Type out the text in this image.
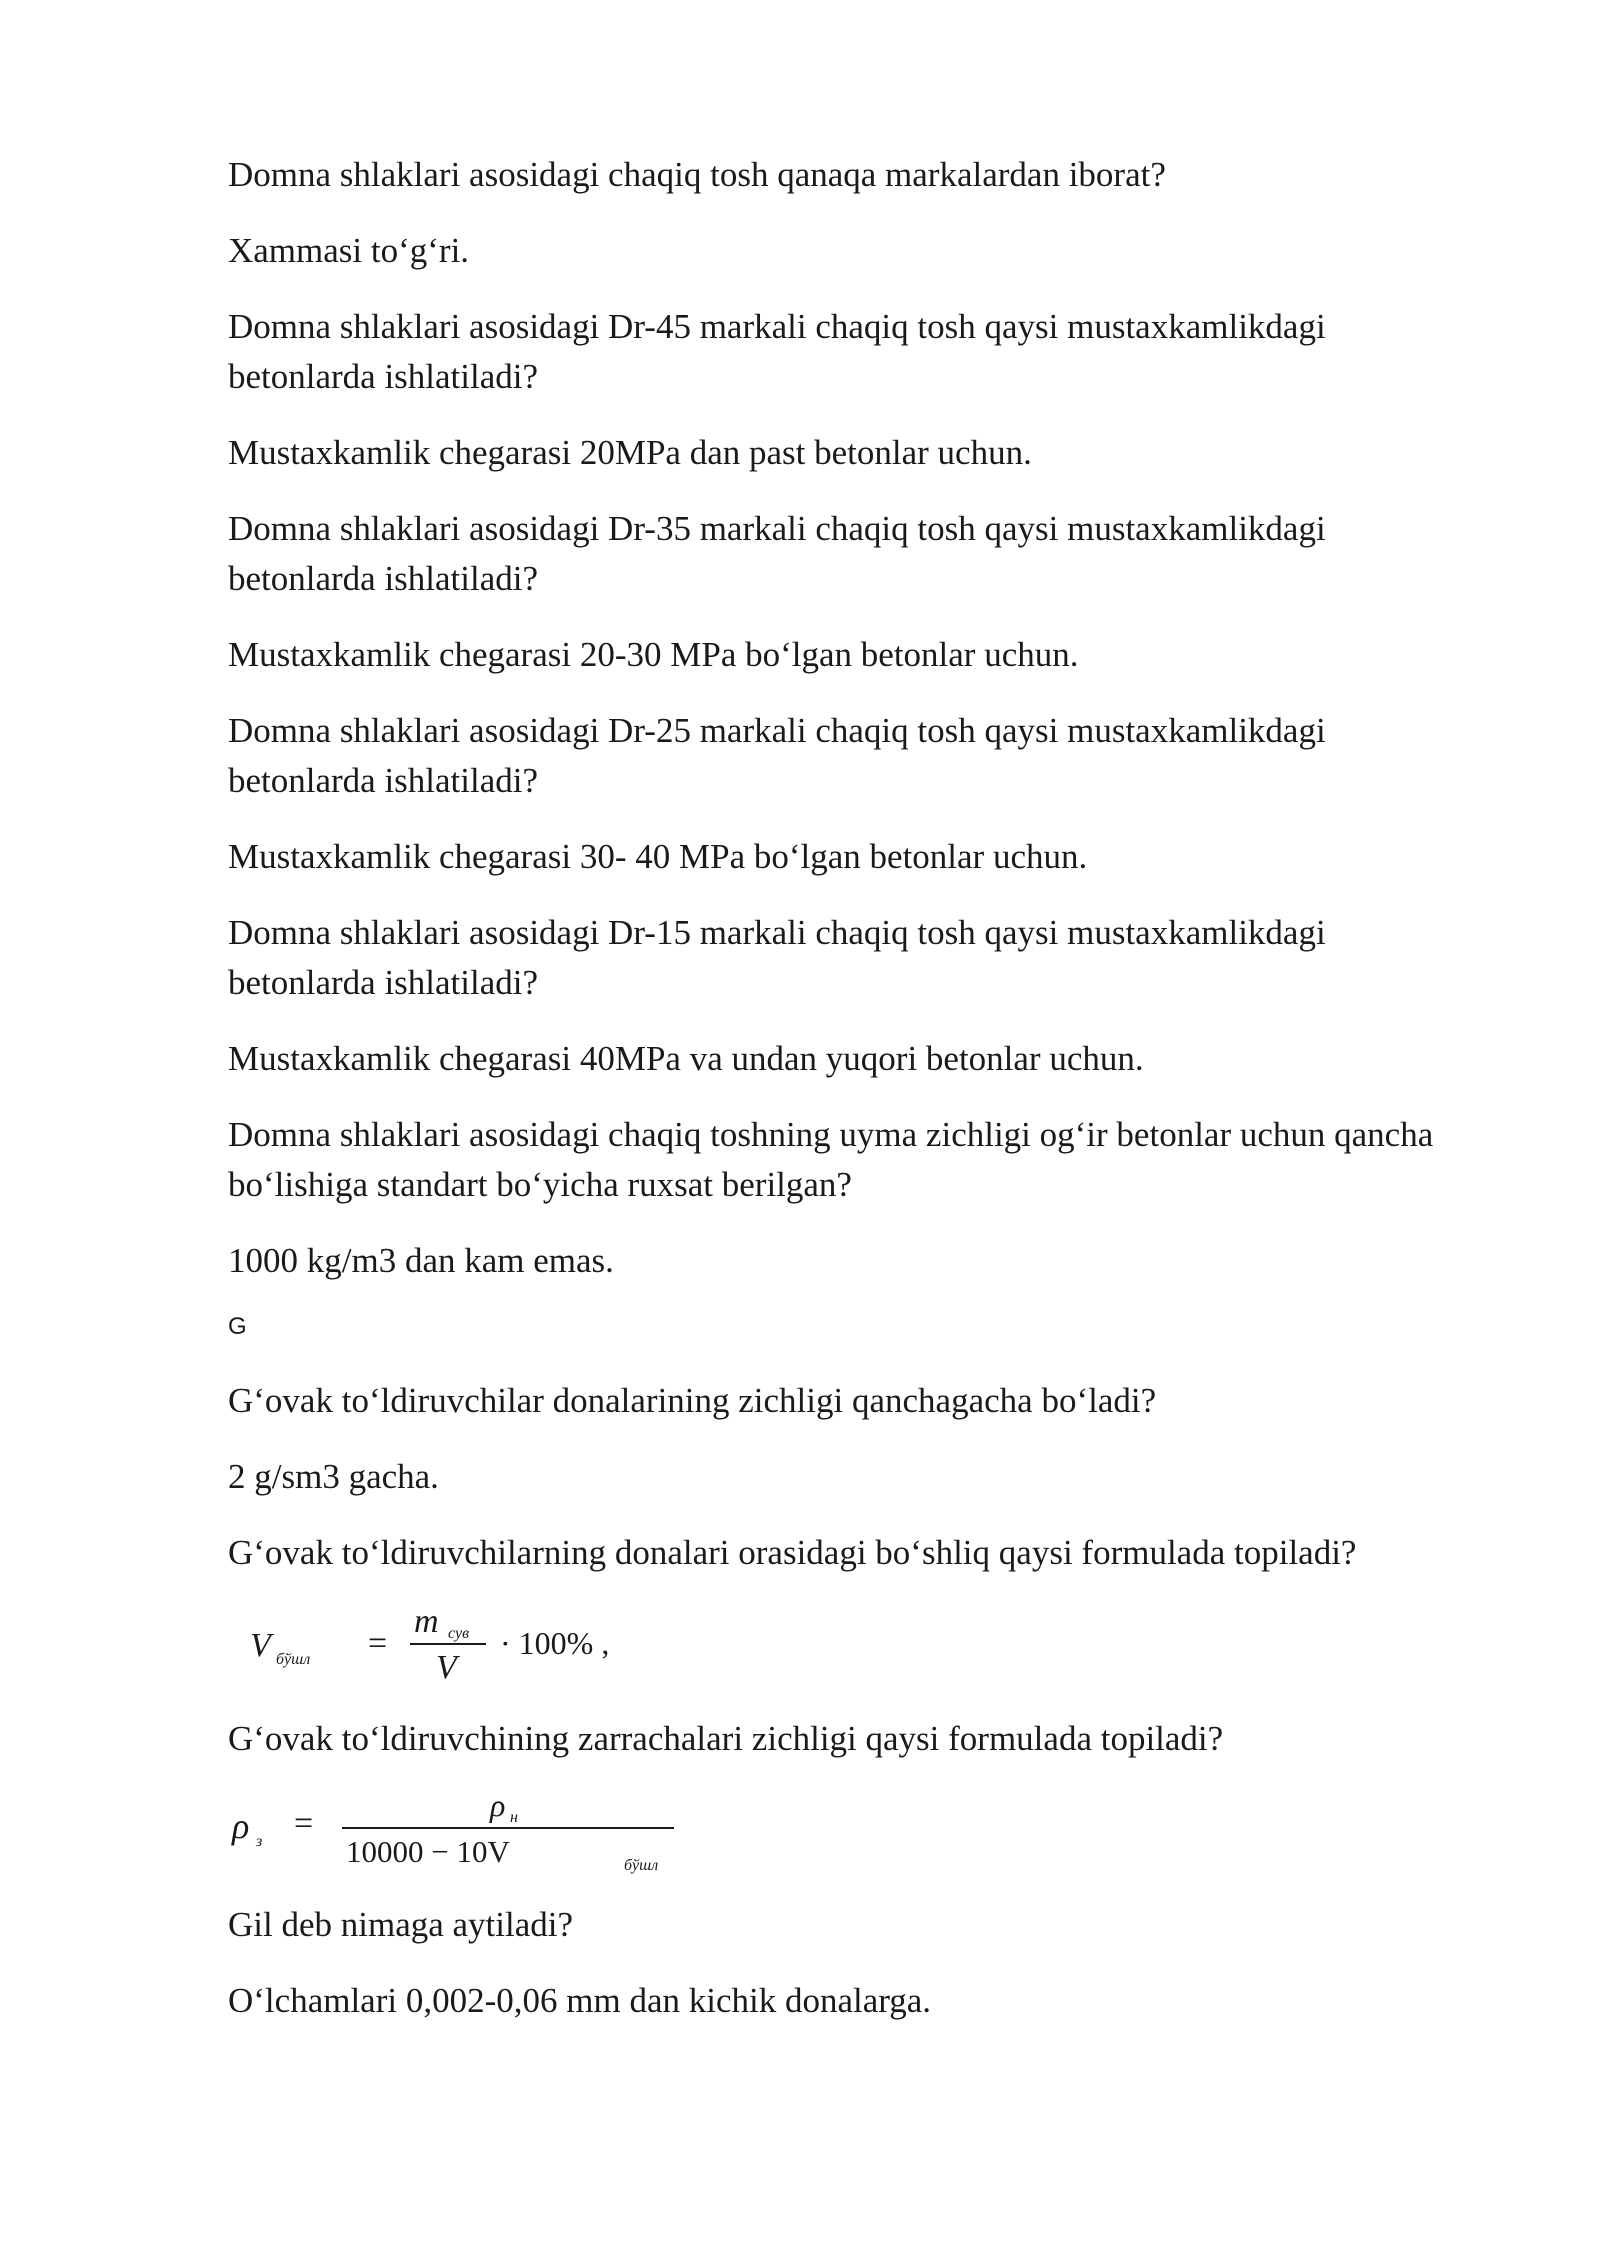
Domna shlaklari asosidagi chaqiq tosh qanaqa markalardan iborat?

Xammasi to‘g‘ri.

Domna shlaklari asosidagi Dr-45 markali chaqiq tosh qaysi mustaxkamlikdagi betonlarda ishlatiladi?

Mustaxkamlik chegarasi 20MPa dan past betonlar uchun.

Domna shlaklari asosidagi Dr-35 markali chaqiq tosh qaysi mustaxkamlikdagi betonlarda ishlatiladi?

Mustaxkamlik chegarasi 20-30 MPa bo‘lgan betonlar uchun.

Domna shlaklari asosidagi Dr-25 markali chaqiq tosh qaysi mustaxkamlikdagi betonlarda ishlatiladi?

Mustaxkamlik chegarasi 30- 40 MPa bo‘lgan betonlar uchun.

Domna shlaklari asosidagi Dr-15 markali chaqiq tosh qaysi mustaxkamlikdagi betonlarda ishlatiladi?

Mustaxkamlik chegarasi 40MPa va undan yuqori betonlar uchun.

Domna shlaklari asosidagi chaqiq toshning uyma zichligi og‘ir betonlar uchun qancha bo‘lishiga standart bo‘yicha ruxsat berilgan?

1000 kg/m3 dan kam emas.

G

G‘ovak to‘ldiruvchilar donalarining zichligi qanchagacha bo‘ladi?

2 g/sm3 gacha.

G‘ovak to‘ldiruvchilarning donalari orasidagi bo‘shliq qaysi formulada topiladi?

V бўшл =
m сув
V
· 100% ,

G‘ovak to‘ldiruvchining zarrachalari zichligi qaysi formulada topiladi?

ρ з =	ρ н
10000 − 10V	бўшл

Gil deb nimaga aytiladi?

O‘lchamlari 0,002-0,06 mm dan kichik donalarga.
